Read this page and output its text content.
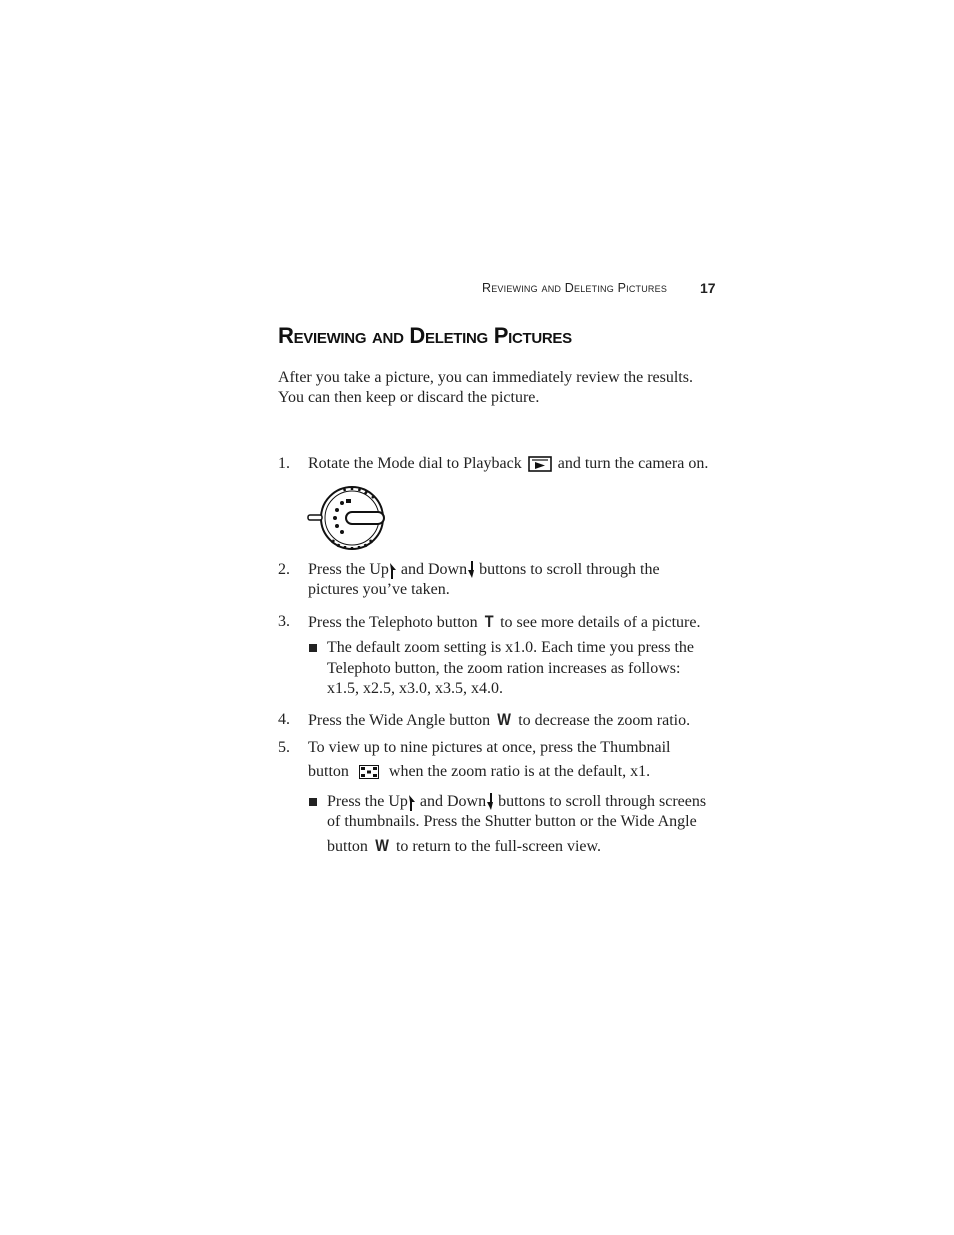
Reviewing and Deleting Pictures 17
Reviewing and Deleting Pictures
After you take a picture, you can immediately review the results.
You can then keep or discard the picture.
1. Rotate the Mode dial to Playback and turn the camera on.
2. Press the Up and Down buttons to scroll through the
pictures you’ve taken.
3. Press the Telephoto button T to see more details of a picture.
The default zoom setting is x1.0. Each time you press the
Telephoto button, the zoom ration increases as follows:
x1.5, x2.5, x3.0, x3.5, x4.0.
4. Press the Wide Angle button W to decrease the zoom ratio.
5. To view up to nine pictures at once, press the Thumbnail
button	when the zoom ratio is at the default, x1.
Press the Up and Down buttons to scroll through screens
of thumbnails. Press the Shutter button or the Wide Angle
button W to return to the full-screen view.
